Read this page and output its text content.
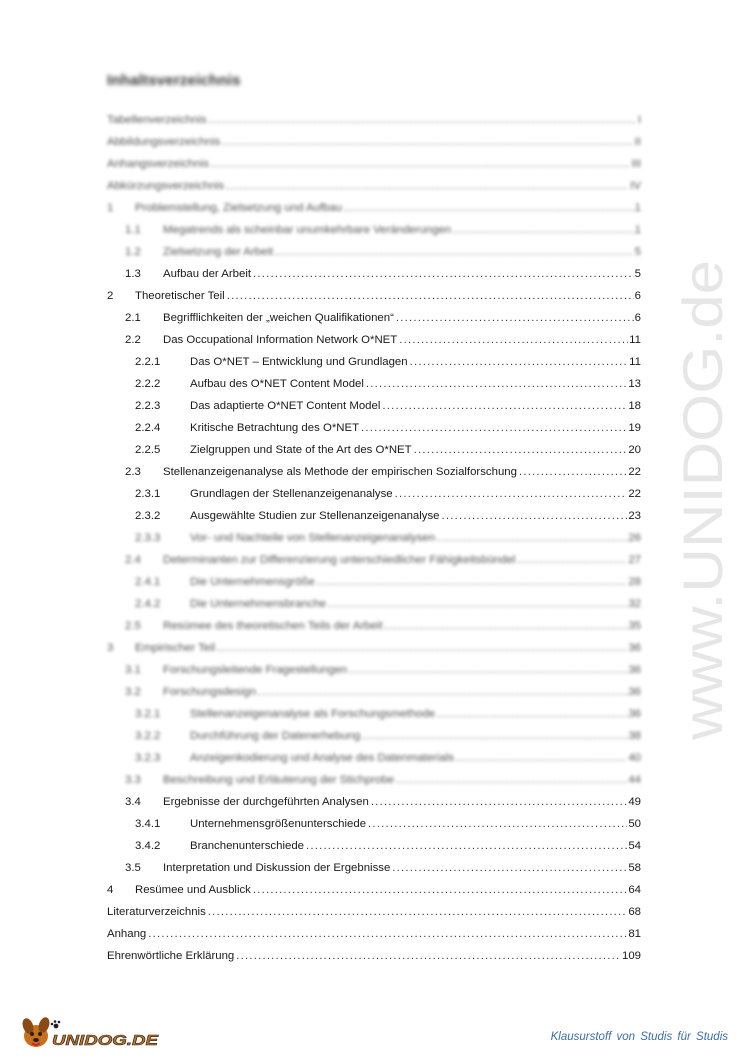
Inhaltsverzeichnis
Tabellenverzeichnis .....	I
Abbildungsverzeichnis .....	II
Anhangsverzeichnis .....	III
Abkürzungsverzeichnis .....	IV
1	Problemstellung, Zielsetzung und Aufbau .....	1
1.1	Megatrends als scheinbar unumkehrbare Veränderungen .....	1
1.2	Zielsetzung der Arbeit .....	5
1.3	Aufbau der Arbeit .....	5
2	Theoretischer Teil .....	6
2.1	Begrifflichkeiten der „weichen Qualifikationen“ .....	6
2.2	Das Occupational Information Network O*NET .....	11
2.2.1	Das O*NET – Entwicklung und Grundlagen .....	11
2.2.2	Aufbau des O*NET Content Model .....	13
2.2.3	Das adaptierte O*NET Content Model .....	18
2.2.4	Kritische Betrachtung des O*NET .....	19
2.2.5	Zielgruppen und State of the Art des O*NET .....	20
2.3	Stellenanzeigenanalyse als Methode der empirischen Sozialforschung .....	22
2.3.1	Grundlagen der Stellenanzeigenanalyse .....	22
2.3.2	Ausgewählte Studien zur Stellenanzeigenanalyse .....	23
2.3.3	Vor- und Nachteile von Stellenanzeigenanalysen .....	26
2.4	Determinanten zur Differenzierung unterschiedlicher Fähigkeitsbündel .....	27
2.4.1	Die Unternehmensgröße .....	28
2.4.2	Die Unternehmensbranche .....	32
2.5	Resümee des theoretischen Teils der Arbeit .....	35
3	Empirischer Teil .....	36
3.1	Forschungsleitende Fragestellungen .....	36
3.2	Forschungsdesign .....	36
3.2.1	Stellenanzeigenanalyse als Forschungsmethode .....	36
3.2.2	Durchführung der Datenerhebung .....	38
3.2.3	Anzeigenkodierung und Analyse des Datenmaterials .....	40
3.3	Beschreibung und Erläuterung der Stichprobe .....	44
3.4	Ergebnisse der durchgeführten Analysen .....	49
3.4.1	Unternehmensgrößenunterschiede .....	50
3.4.2	Branchenunterschiede .....	54
3.5	Interpretation und Diskussion der Ergebnisse .....	58
4	Resümee und Ausblick .....	64
Literaturverzeichnis .....	68
Anhang .....	81
Ehrenwörtliche Erklärung .....	109
www.UNIDOG.de
UNIDOG.DE	Klausurstoff von Studis für Studis
